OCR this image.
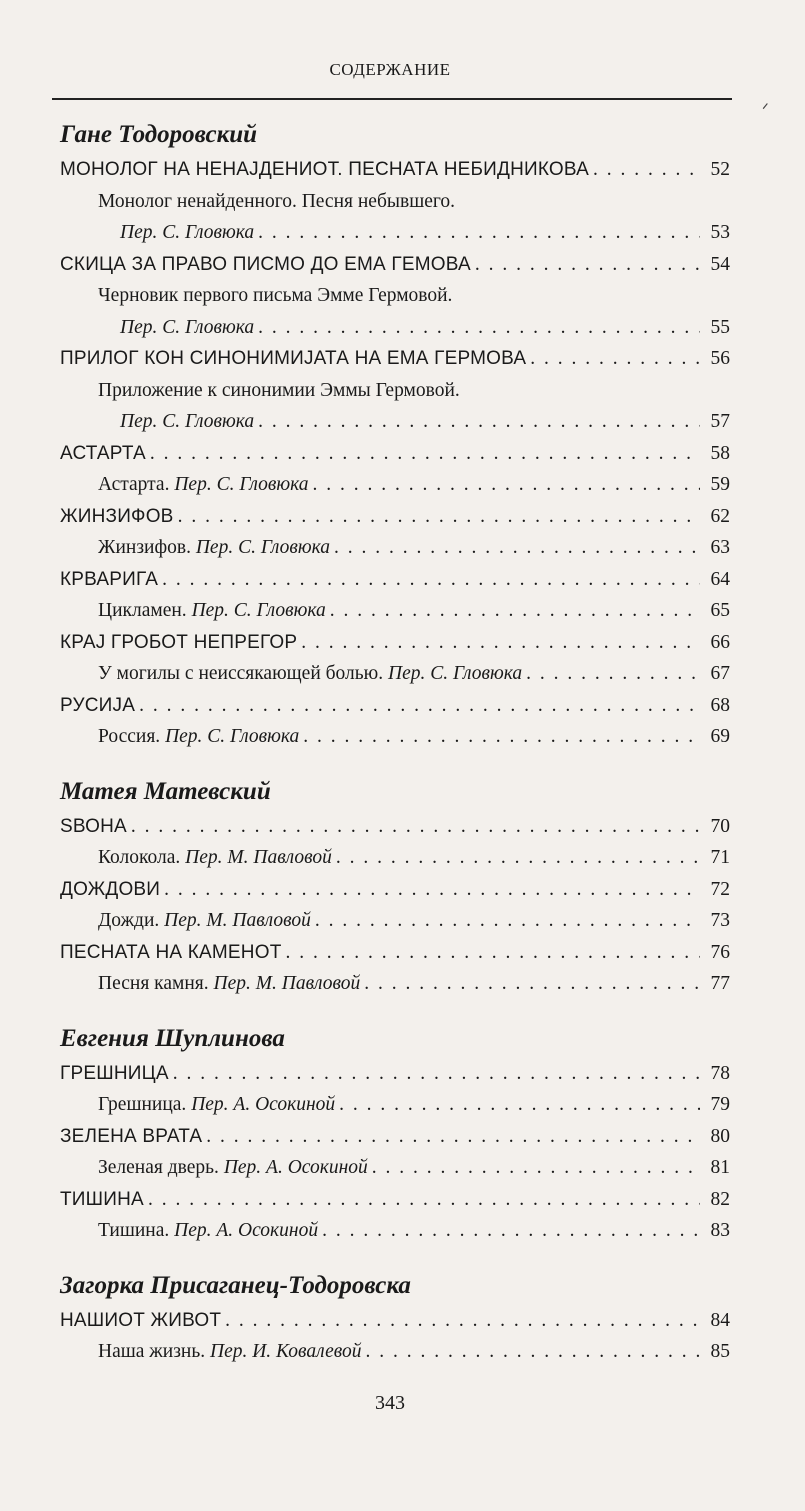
СОДЕРЖАНИЕ
ᐟ
Гане Тодоровский
МОНОЛОГ НА НЕНАЈДЕНИОТ. ПЕСНАТА НЕБИДНИКОВА . . .	52
Монолог ненайденного. Песня небывшего.
Пер. С. Гловюка . . .	53
СКИЦА ЗА ПРАВО ПИСМО ДО ЕМА ГЕМОВА . . .	54
Черновик первого письма Эмме Гермовой.
Пер. С. Гловюка . . .	55
ПРИЛОГ КОН СИНОНИМИЈАТА НА ЕМА ГЕРМОВА . . .	56
Приложение к синонимии Эммы Гермовой.
Пер. С. Гловюка . . .	57
АСТАРТА . . .	58
Астарта.
Пер. С. Гловюка . . .	59
ЖИНЗИФОВ . . .	62
Жинзифов.
Пер. С. Гловюка . . .	63
КРВАРИГА . . .	64
Цикламен.
Пер. С. Гловюка . . .	65
КРАЈ ГРОБОТ НЕПРЕГОР . . .	66
У могилы с неиссякающей болью.
Пер. С. Гловюка . . .	67
РУСИЈА . . .	68
Россия.
Пер. С. Гловюка . . .	69
Матея Матевский
ЅВОНА . . .	70
Колокола.
Пер. М. Павловой . . .	71
ДОЖДОВИ . . .	72
Дожди.
Пер. М. Павловой . . .	73
ПЕСНАТА НА КАМЕНОТ . . .	76
Песня камня.
Пер. М. Павловой . . .	77
Евгения Шуплинова
ГРЕШНИЦА . . .	78
Грешница.
Пер. А. Осокиной . . .	79
ЗЕЛЕНА ВРАТА . . .	80
Зеленая дверь.
Пер. А. Осокиной . . .	81
ТИШИНА . . .	82
Тишина.
Пер. А. Осокиной . . .	83
Загорка Присаганец-Тодоровска
НАШИОТ ЖИВОТ . . .	84
Наша жизнь.
Пер. И. Ковалевой . . .	85
343
